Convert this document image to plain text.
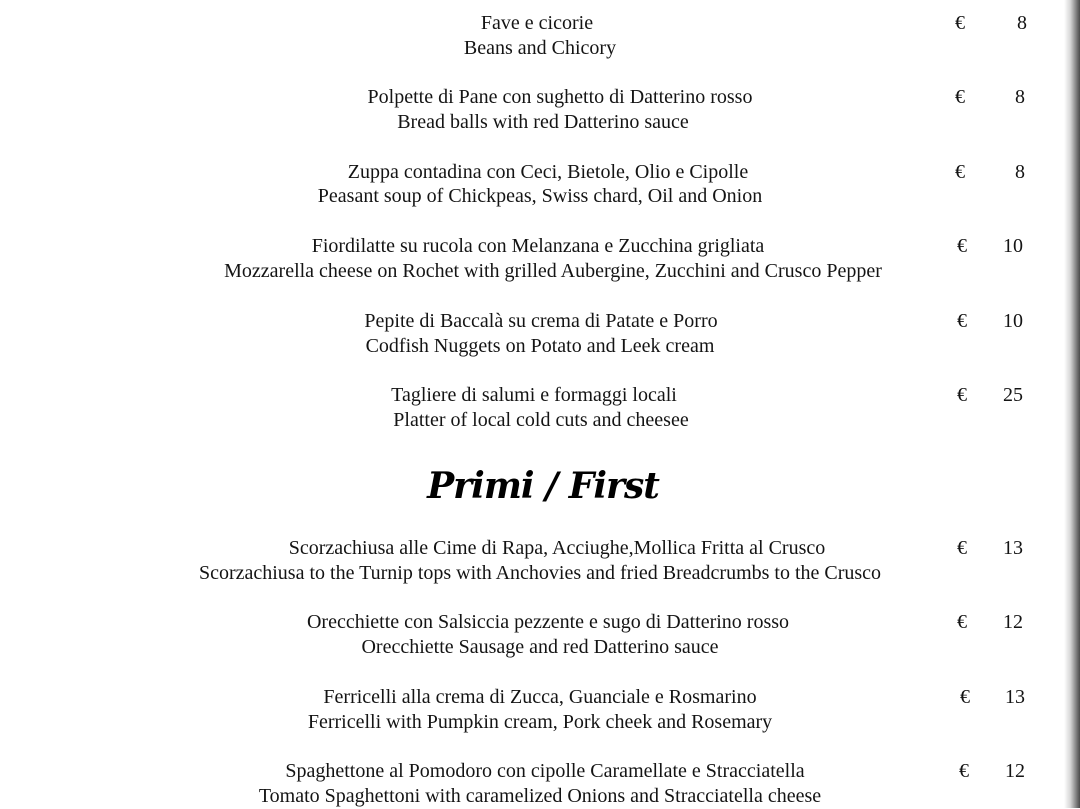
Fave e cicorie	€	8
Beans and Chicory
Polpette di Pane con sughetto di Datterino rosso	€	8
Bread balls with red Datterino sauce
Zuppa contadina con Ceci, Bietole, Olio e Cipolle	€	8
Peasant soup of Chickpeas, Swiss chard, Oil and Onion
Fiordilatte su rucola con Melanzana e Zucchina grigliata	€ 10
Mozzarella cheese on Rochet with grilled Aubergine, Zucchini and Crusco Pepper
Pepite di Baccalà su crema di Patate e Porro	€ 10
Codfish Nuggets on Potato and Leek cream
Tagliere di salumi e formaggi locali	€ 25
Platter of local cold cuts and cheesee
Primi / First
Scorzachiusa alle Cime di Rapa, Acciughe,Mollica Fritta al Crusco	€ 13
Scorzachiusa to the Turnip tops with Anchovies and fried Breadcrumbs to the Crusco
Orecchiette con Salsiccia pezzente e sugo di Datterino rosso	€ 12
Orecchiette Sausage and red Datterino sauce
Ferricelli alla crema di Zucca, Guanciale e Rosmarino	€ 13
Ferricelli with Pumpkin cream, Pork cheek and Rosemary
Spaghettone al Pomodoro con cipolle Caramellate e Stracciatella	€ 12
Tomato Spaghettoni with caramelized Onions and Stracciatella cheese
